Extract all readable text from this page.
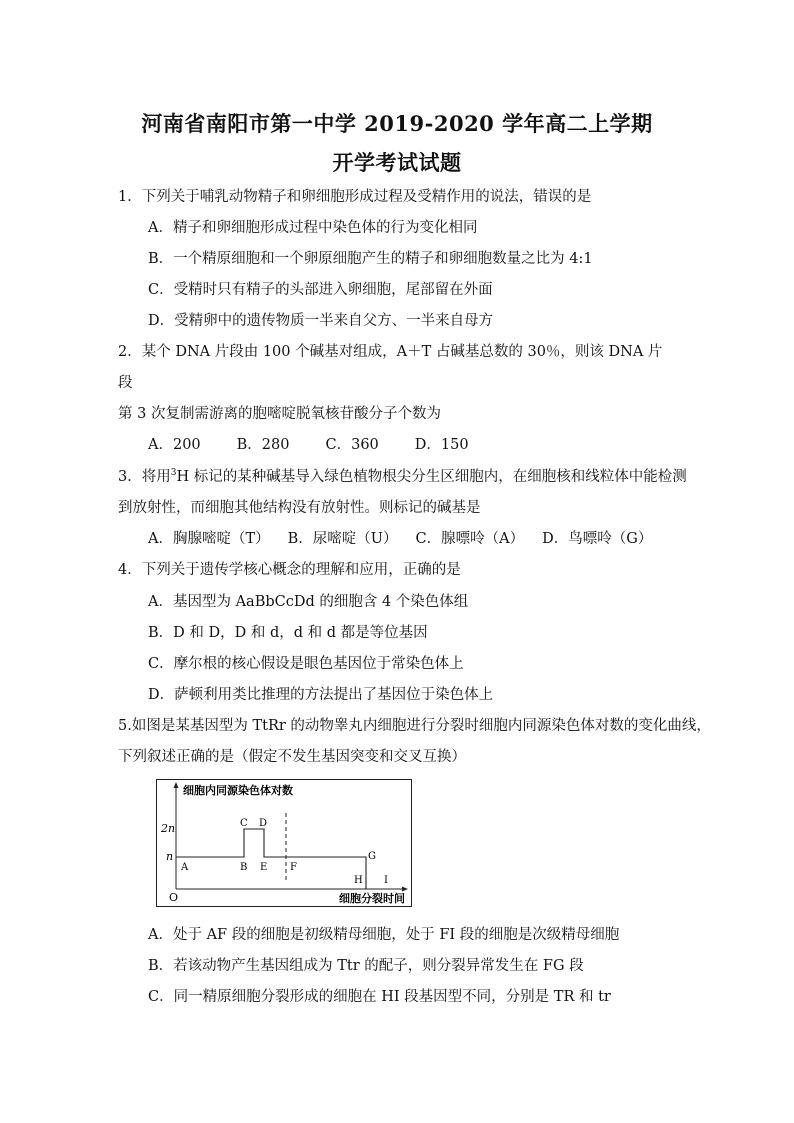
河南省南阳市第一中学 2019-2020 学年高二上学期
开学考试试题
1．下列关于哺乳动物精子和卵细胞形成过程及受精作用的说法，错误的是
A．精子和卵细胞形成过程中染色体的行为变化相同
B．一个精原细胞和一个卵原细胞产生的精子和卵细胞数量之比为 4:1
C．受精时只有精子的头部进入卵细胞，尾部留在外面
D．受精卵中的遗传物质一半来自父方、一半来自母方
2．某个 DNA 片段由 100 个碱基对组成，A＋T 占碱基总数的 30％，则该 DNA 片
段
第 3 次复制需游离的胞嘧啶脱氧核苷酸分子个数为
A．200 B．280 C．360 D．150
3．将用$^3$H 标记的某种碱基导入绿色植物根尖分生区细胞内，在细胞核和线粒体中能检测
到放射性，而细胞其他结构没有放射性。则标记的碱基是
A．胸腺嘧啶（T） B．尿嘧啶（U） C．腺嘌呤（A） D．鸟嘌呤（G）
4．下列关于遗传学核心概念的理解和应用，正确的是
A．基因型为 AaBbCcDd 的细胞含 4 个染色体组
B．D 和 D，D 和 d，d 和 d 都是等位基因
C．摩尔根的核心假设是眼色基因位于常染色体上
D．萨顿利用类比推理的方法提出了基因位于染色体上
5.如图是某基因型为 TtRr 的动物睾丸内细胞进行分裂时细胞内同源染色体对数的变化曲线，
下列叙述正确的是（假定不发生基因突变和交叉互换）
细胞内同源染色体对数
细胞分裂时间
2n
n
O
A	B
C D
E F
G
H I
A．处于 AF 段的细胞是初级精母细胞，处于 FI 段的细胞是次级精母细胞
B．若该动物产生基因组成为 Ttr 的配子，则分裂异常发生在 FG 段
C．同一精原细胞分裂形成的细胞在 HI 段基因型不同，分别是 TR 和 tr
